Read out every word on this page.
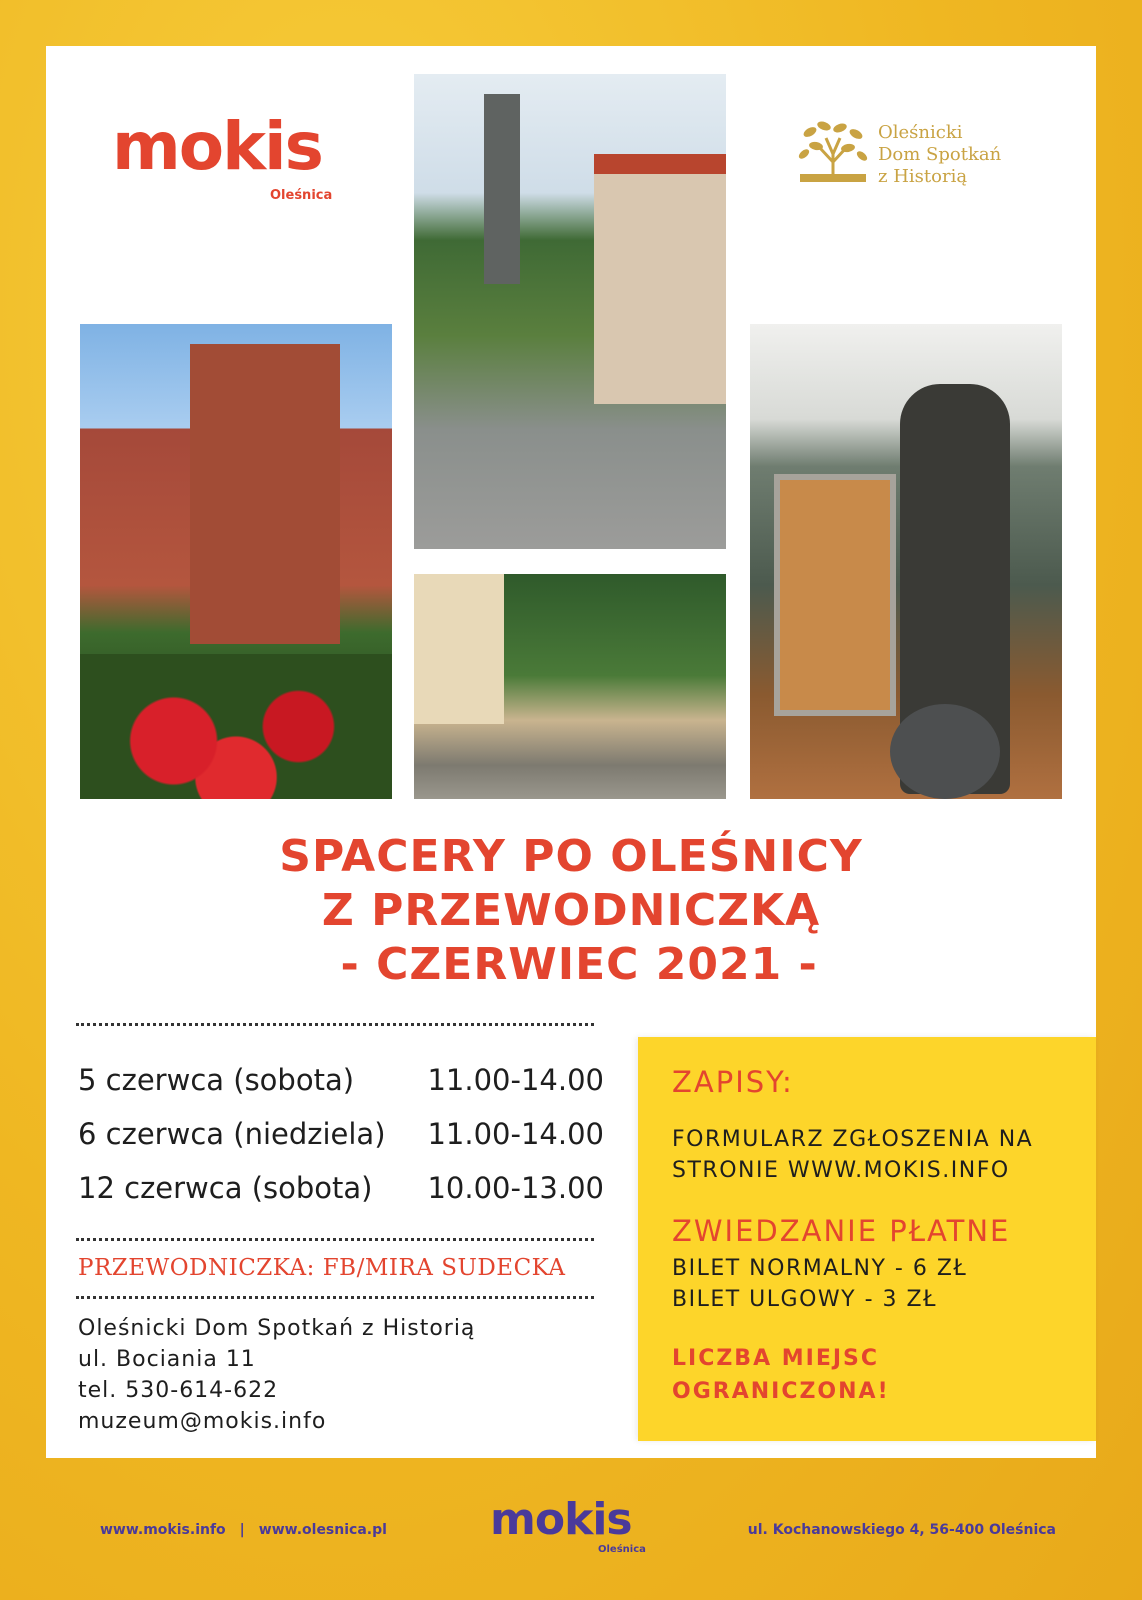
mokis
Oleśnica
Oleśnicki
Dom Spotkań
z Historią
SPACERY PO OLEŚNICY
Z PRZEWODNICZKĄ
- CZERWIEC 2021 -
5 czerwca (sobota)	11.00-14.00
6 czerwca (niedziela) 11.00-14.00
12 czerwca (sobota) 10.00-13.00
PRZEWODNICZKA: FB/MIRA SUDECKA
Oleśnicki Dom Spotkań z Historią
ul. Bociania 11
tel. 530-614-622
muzeum@mokis.info
ZAPISY:
FORMULARZ ZGŁOSZENIA NA
STRONIE WWW.MOKIS.INFO
ZWIEDZANIE PŁATNE
BILET NORMALNY - 6 ZŁ
BILET ULGOWY - 3 ZŁ
LICZBA MIEJSC
OGRANICZONA!
www.mokis.info | www.olesnica.pl mokis
Oleśnica
ul. Kochanowskiego 4, 56-400 Oleśnica
